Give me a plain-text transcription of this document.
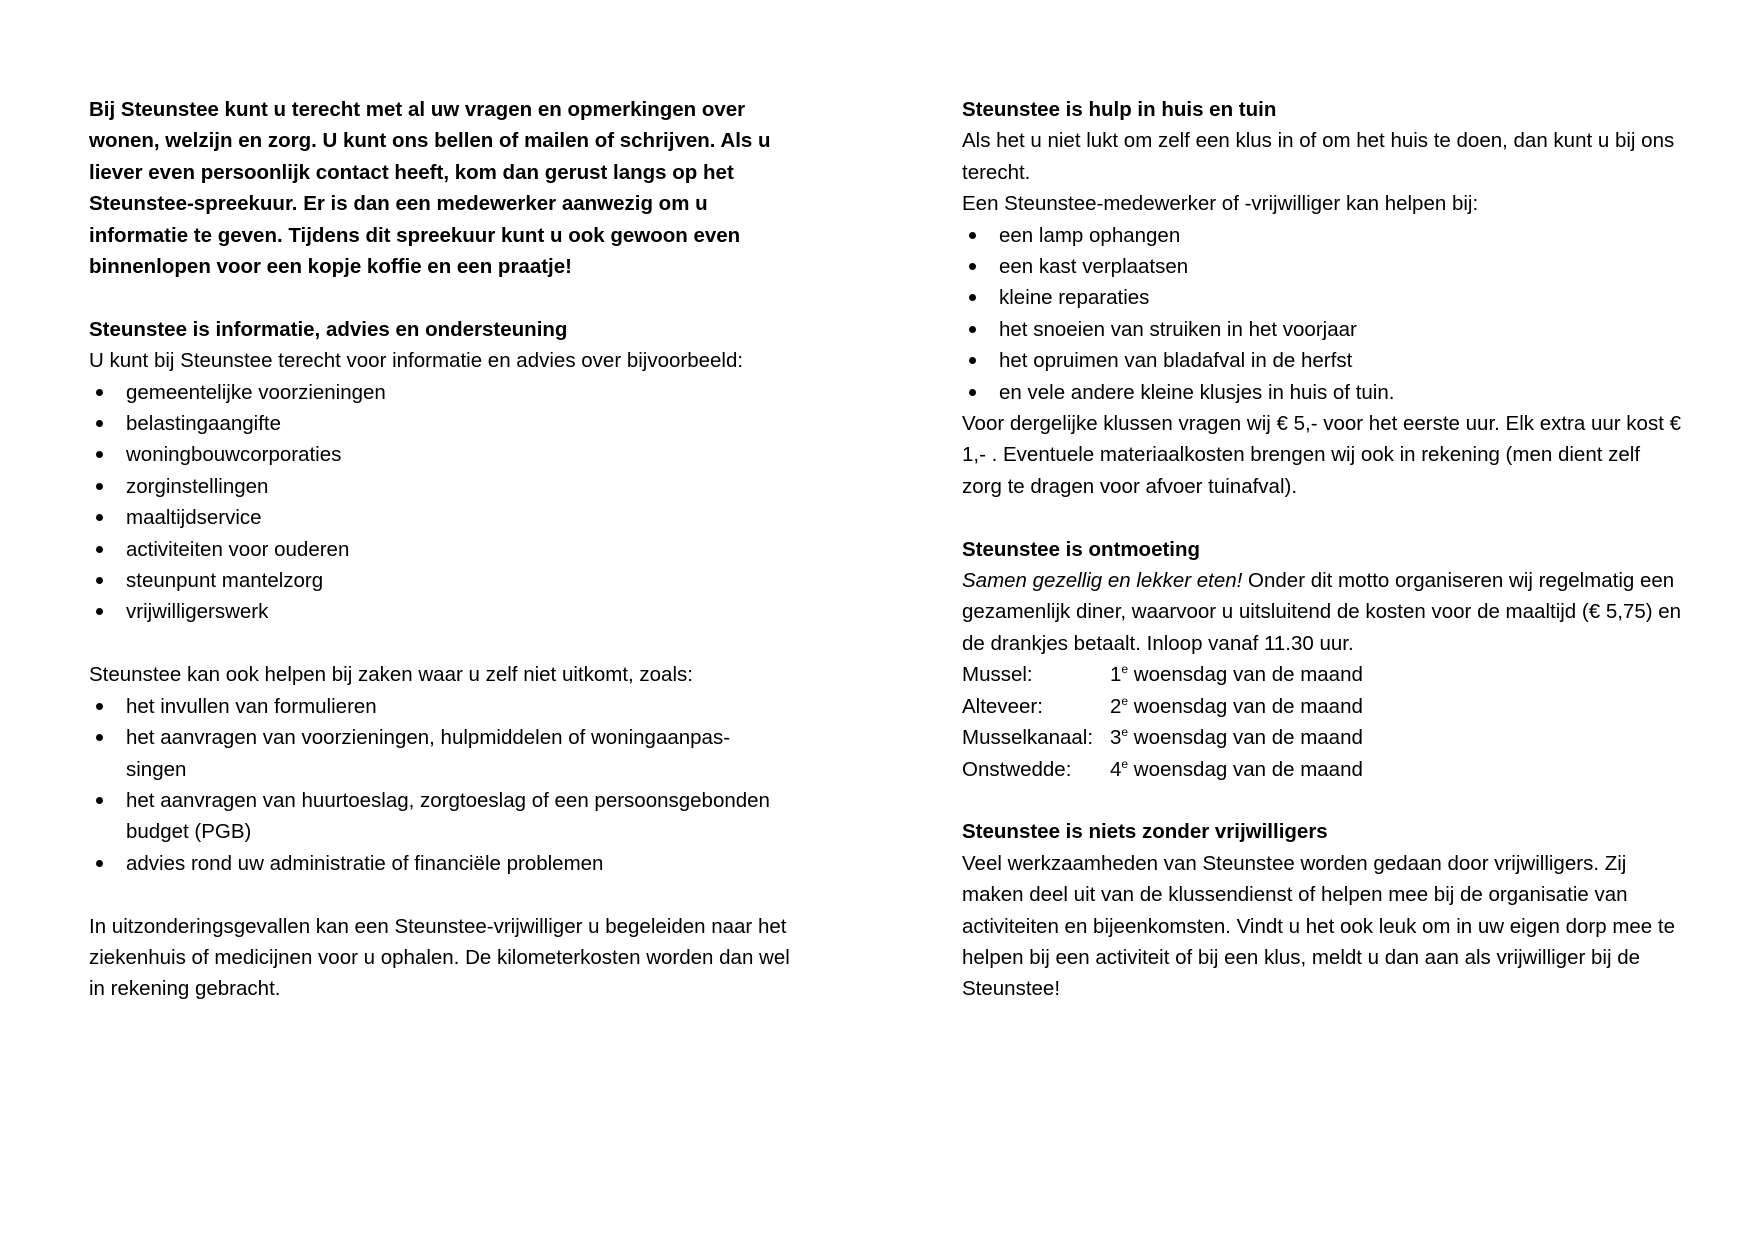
Bij Steunstee kunt u terecht met al uw vragen en opmerkingen over wonen, welzijn en zorg. U kunt ons bellen of mailen of schrijven. Als u liever even persoonlijk contact heeft, kom dan gerust langs op het Steunstee-spreekuur. Er is dan een medewerker aanwezig om u informatie te geven. Tijdens dit spreekuur kunt u ook gewoon even binnenlopen voor een kopje koffie en een praatje!

Steunstee is informatie, advies en ondersteuning

U kunt bij Steunstee terecht voor informatie en advies over bijvoorbeeld:

gemeentelijke voorzieningen
belastingaangifte
woningbouwcorporaties
zorginstellingen
maaltijdservice
activiteiten voor ouderen
steunpunt mantelzorg
vrijwilligerswerk

Steunstee kan ook helpen bij zaken waar u zelf niet uitkomt, zoals:

het invullen van formulieren
het aanvragen van voorzieningen, hulpmiddelen of woningaanpas-singen
het aanvragen van huurtoeslag, zorgtoeslag of een persoonsgebonden budget (PGB)
advies rond uw administratie of financiële problemen

In uitzonderingsgevallen kan een Steunstee-vrijwilliger u begeleiden naar het ziekenhuis of medicijnen voor u ophalen. De kilometerkosten worden dan wel in rekening gebracht.

Steunstee is hulp in huis en tuin

Als het u niet lukt om zelf een klus in of om het huis te doen, dan kunt u bij ons terecht.

Een Steunstee-medewerker of -vrijwilliger kan helpen bij:

een lamp ophangen
een kast verplaatsen
kleine reparaties
het snoeien van struiken in het voorjaar
het opruimen van bladafval in de herfst
en vele andere kleine klusjes in huis of tuin.

Voor dergelijke klussen vragen wij € 5,- voor het eerste uur. Elk extra uur kost € 1,- . Eventuele materiaalkosten brengen wij ook in rekening (men dient zelf zorg te dragen voor afvoer tuinafval).

Steunstee is ontmoeting

Samen gezellig en lekker eten! Onder dit motto organiseren wij regelmatig een gezamenlijk diner, waarvoor u uitsluitend de kosten voor de maaltijd (€ 5,75) en de drankjes betaalt. Inloop vanaf 11.30 uur.

Mussel:	1e woensdag van de maand
Alteveer:	2e woensdag van de maand
Musselkanaal: 3e woensdag van de maand
Onstwedde:	4e woensdag van de maand
Steunstee is niets zonder vrijwilligers

Veel werkzaamheden van Steunstee worden gedaan door vrijwilligers. Zij maken deel uit van de klussendienst of helpen mee bij de organisatie van activiteiten en bijeenkomsten. Vindt u het ook leuk om in uw eigen dorp mee te helpen bij een activiteit of bij een klus, meldt u dan aan als vrijwilliger bij de Steunstee!
